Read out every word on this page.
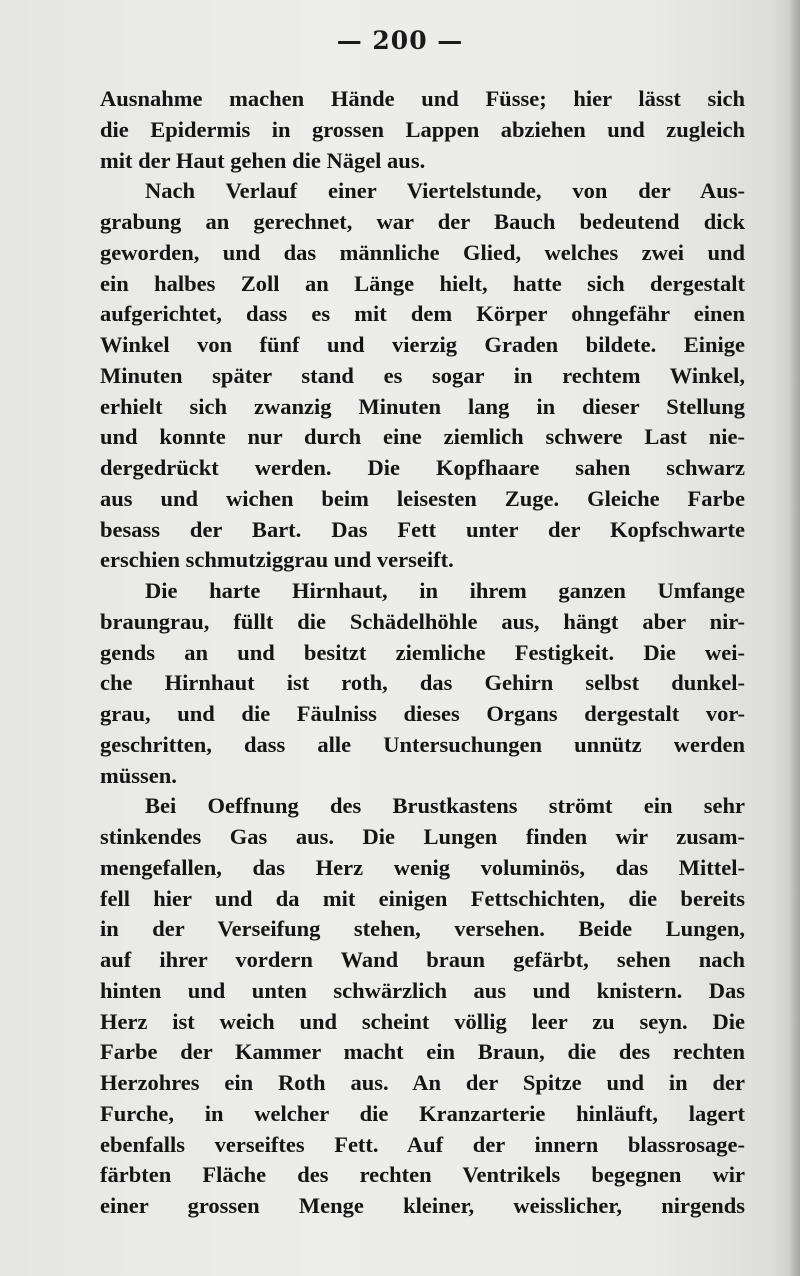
— 200 —

Ausnahme machen Hände und Füsse; hier lässt sich
die Epidermis in grossen Lappen abziehen und zugleich
mit der Haut gehen die Nägel aus.

Nach Verlauf einer Viertelstunde, von der Aus-
grabung an gerechnet, war der Bauch bedeutend dick
geworden, und das männliche Glied, welches zwei und
ein halbes Zoll an Länge hielt, hatte sich dergestalt
aufgerichtet, dass es mit dem Körper ohngefähr einen
Winkel von fünf und vierzig Graden bildete. Einige
Minuten später stand es sogar in rechtem Winkel,
erhielt sich zwanzig Minuten lang in dieser Stellung
und konnte nur durch eine ziemlich schwere Last nie-
dergedrückt werden. Die Kopfhaare sahen schwarz
aus und wichen beim leisesten Zuge. Gleiche Farbe
besass der Bart. Das Fett unter der Kopfschwarte
erschien schmutziggrau und verseift.

Die harte Hirnhaut, in ihrem ganzen Umfange
braungrau, füllt die Schädelhöhle aus, hängt aber nir-
gends an und besitzt ziemliche Festigkeit. Die wei-
che Hirnhaut ist roth, das Gehirn selbst dunkel-
grau, und die Fäulniss dieses Organs dergestalt vor-
geschritten, dass alle Untersuchungen unnütz werden
müssen.

Bei Oeffnung des Brustkastens strömt ein sehr
stinkendes Gas aus. Die Lungen finden wir zusam-
mengefallen, das Herz wenig voluminös, das Mittel-
fell hier und da mit einigen Fettschichten, die bereits
in der Verseifung stehen, versehen. Beide Lungen,
auf ihrer vordern Wand braun gefärbt, sehen nach
hinten und unten schwärzlich aus und knistern. Das
Herz ist weich und scheint völlig leer zu seyn. Die
Farbe der Kammer macht ein Braun, die des rechten
Herzohres ein Roth aus. An der Spitze und in der
Furche, in welcher die Kranzarterie hinläuft, lagert
ebenfalls verseiftes Fett. Auf der innern blassrosage-
färbten Fläche des rechten Ventrikels begegnen wir
einer grossen Menge kleiner, weisslicher, nirgends
